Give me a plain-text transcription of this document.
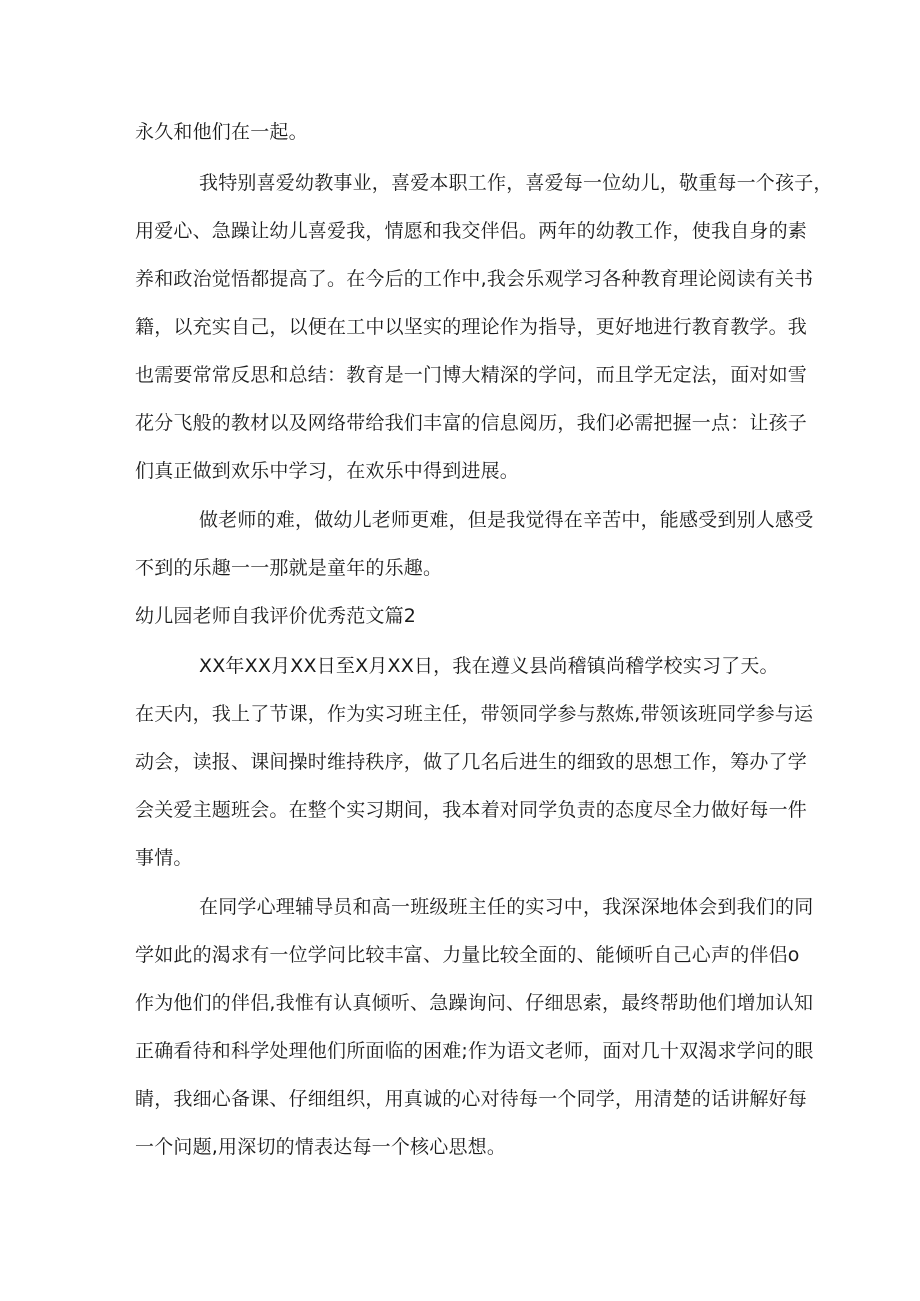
永久和他们在一起。

我特别喜爱幼教事业，喜爱本职工作，喜爱每一位幼儿，敬重每一个孩子，

用爱心、急躁让幼儿喜爱我，情愿和我交伴侣。两年的幼教工作，使我自身的素

养和政治觉悟都提高了。在今后的工作中,我会乐观学习各种教育理论阅读有关书

籍，以充实自己，以便在工中以坚实的理论作为指导，更好地进行教育教学。我

也需要常常反思和总结：教育是一门博大精深的学问，而且学无定法，面对如雪

花分飞般的教材以及网络带给我们丰富的信息阅历，我们必需把握一点：让孩子

们真正做到欢乐中学习，在欢乐中得到进展。

做老师的难，做幼儿老师更难，但是我觉得在辛苦中，能感受到别人感受

不到的乐趣一一那就是童年的乐趣。

幼儿园老师自我评价优秀范文篇2

XX年XX月XX日至X月XX日，我在遵义县尚稽镇尚稽学校实习了天。

在天内，我上了节课，作为实习班主任，带领同学参与熬炼,带领该班同学参与运

动会，读报、课间操时维持秩序，做了几名后进生的细致的思想工作，筹办了学

会关爱主题班会。在整个实习期间，我本着对同学负责的态度尽全力做好每一件

事情。

在同学心理辅导员和高一班级班主任的实习中，我深深地体会到我们的同

学如此的渴求有一位学问比较丰富、力量比较全面的、能倾听自己心声的伴侣o

作为他们的伴侣,我惟有认真倾听、急躁询问、仔细思索，最终帮助他们增加认知

正确看待和科学处理他们所面临的困难;作为语文老师，面对几十双渴求学问的眼

睛，我细心备课、仔细组织，用真诚的心对待每一个同学，用清楚的话讲解好每

一个问题,用深切的情表达每一个核心思想。
